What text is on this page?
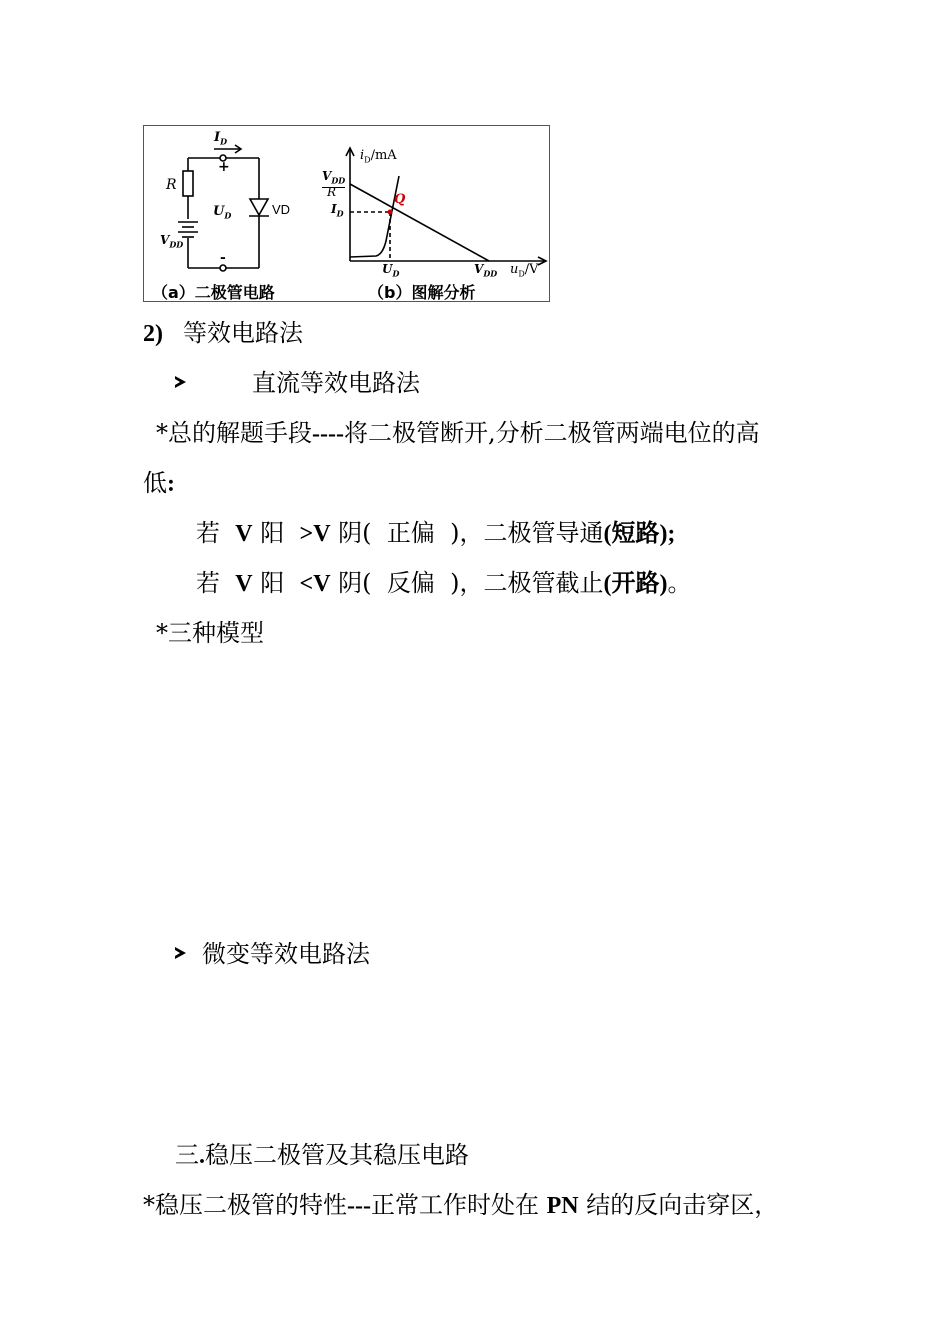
$I_D$
+
-
R
$U_D$	VD
$V_{DD}$
$i_D/mA$
$V_{DD}$
R
$I_D$
Q
$U_D$	$V_{DD}$ $u_D/V$
（a）二极管电路	（b）图解分析
2) 等效电路法
直流等效电路法
*总的解题手段----将二极管断开,分析二极管两端电位的高
低:
若 V 阳 >V 阴( 正偏 )，二极管导通(短路);
若 V 阳 <V 阴( 反偏 )，二极管截止(开路)。
*三种模型
微变等效电路法
三.稳压二极管及其稳压电路
*稳压二极管的特性---正常工作时处在 PN 结的反向击穿区，
